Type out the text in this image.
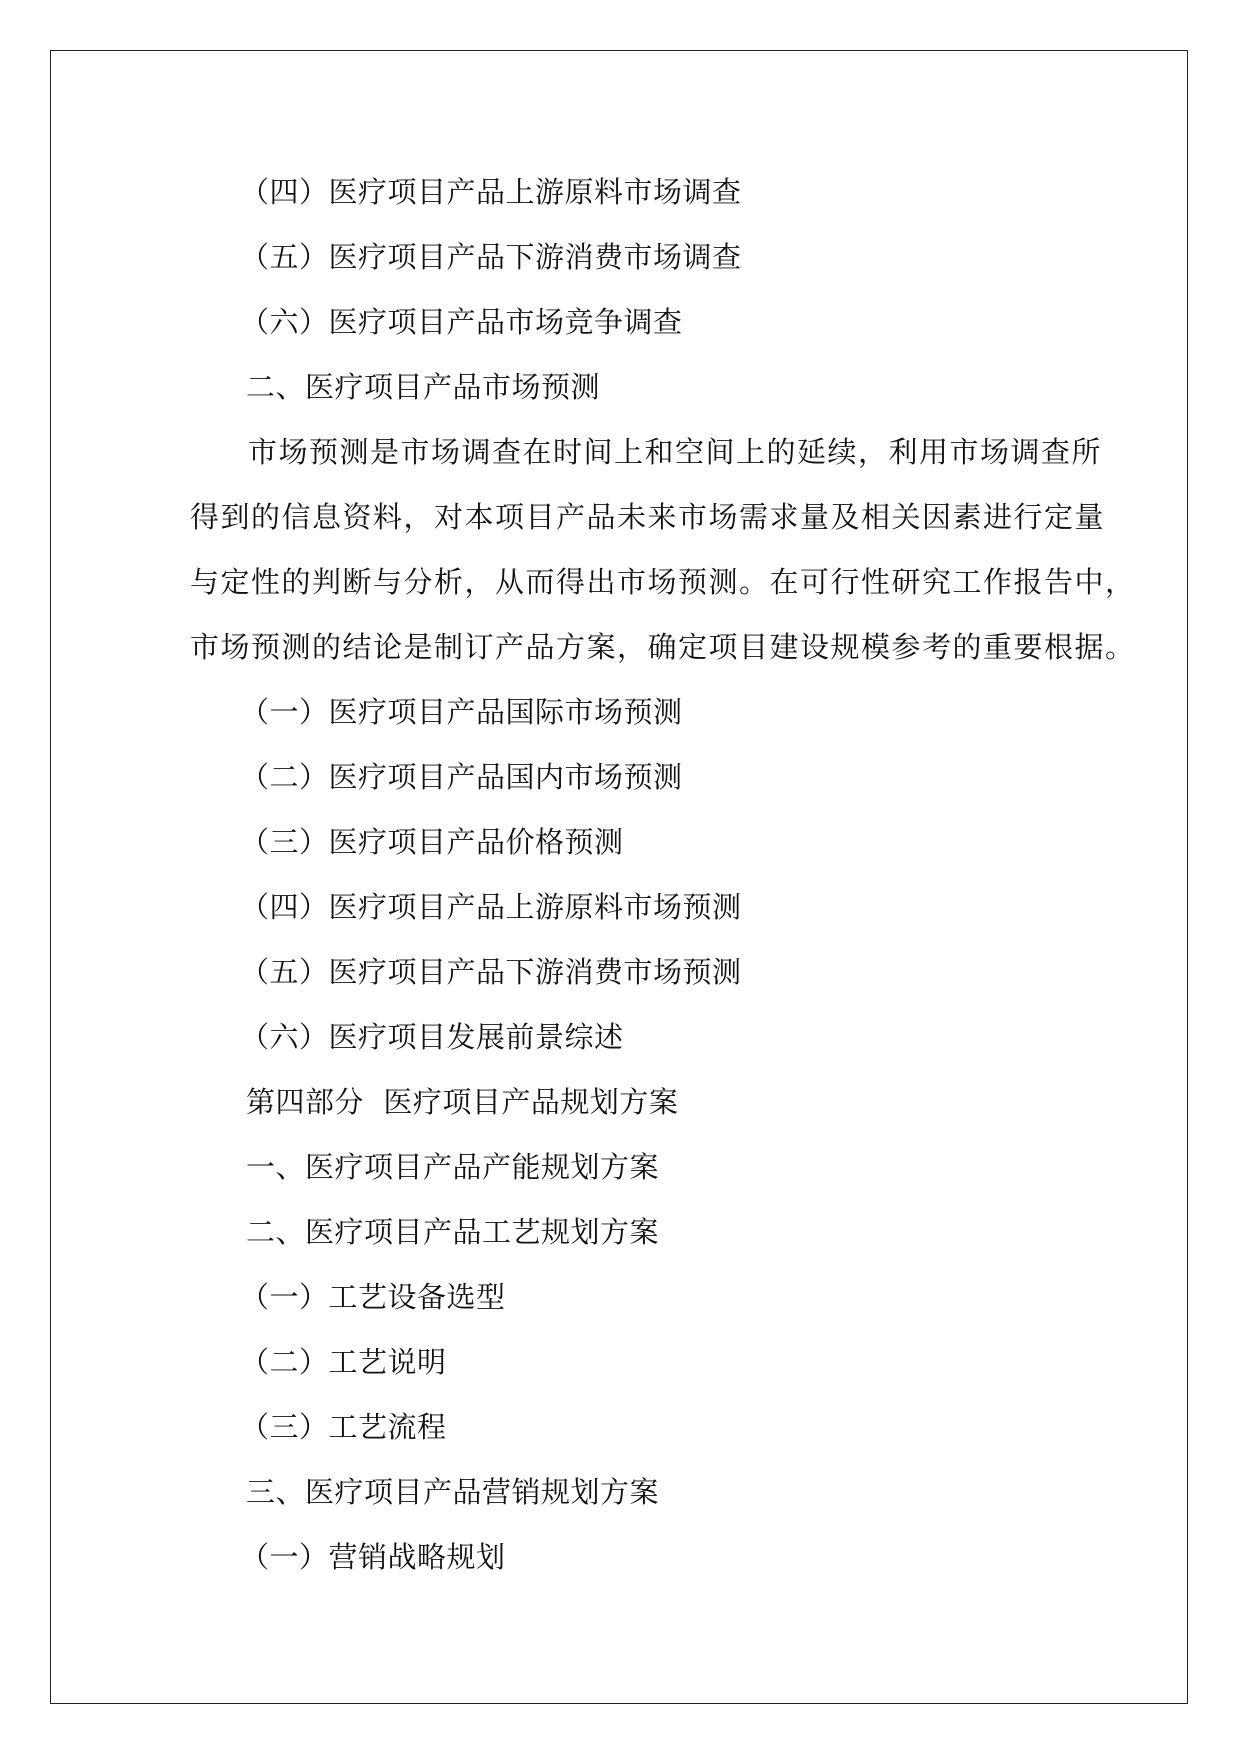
（四）医疗项目产品上游原料市场调查
（五）医疗项目产品下游消费市场调查
（六）医疗项目产品市场竞争调查
二、医疗项目产品市场预测
市场预测是市场调查在时间上和空间上的延续，利用市场调查所
得到的信息资料，对本项目产品未来市场需求量及相关因素进行定量
与定性的判断与分析，从而得出市场预测。在可行性研究工作报告中，
市场预测的结论是制订产品方案，确定项目建设规模参考的重要根据。
（一）医疗项目产品国际市场预测
（二）医疗项目产品国内市场预测
（三）医疗项目产品价格预测
（四）医疗项目产品上游原料市场预测
（五）医疗项目产品下游消费市场预测
（六）医疗项目发展前景综述
第四部分  医疗项目产品规划方案
一、医疗项目产品产能规划方案
二、医疗项目产品工艺规划方案
（一）工艺设备选型
（二）工艺说明
（三）工艺流程
三、医疗项目产品营销规划方案
（一）营销战略规划
